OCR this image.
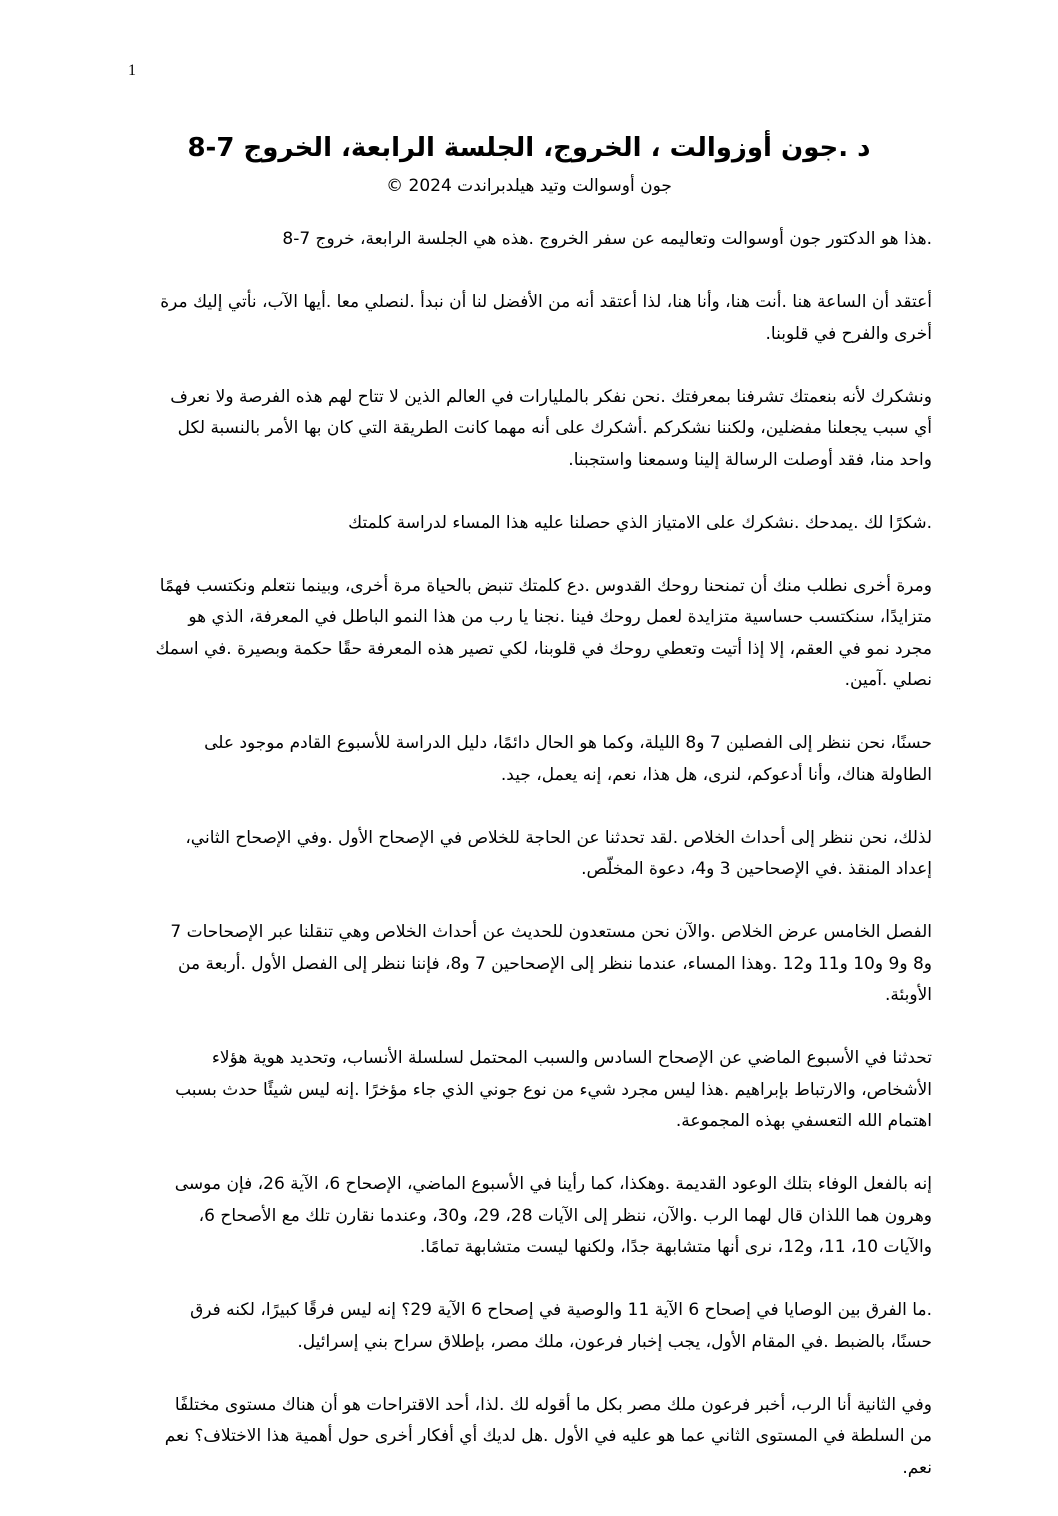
1
د .جون أوزوالت ، الخروج، الجلسة الرابعة، الخروج 7-8
جون أوسوالت وتيد هيلدبراندت 2024 ©

.هذا هو الدكتور جون أوسوالت وتعاليمه عن سفر الخروج .هذه هي الجلسة الرابعة، خروج 7-8

أعتقد أن الساعة هنا .أنت هنا، وأنا هنا، لذا أعتقد أنه من الأفضل لنا أن نبدأ .لنصلي معا .أيها الآب، نأتي إليك مرة أخرى والفرح في قلوبنا.

ونشكرك لأنه بنعمتك تشرفنا بمعرفتك .نحن نفكر بالمليارات في العالم الذين لا تتاح لهم هذه الفرصة ولا نعرف أي سبب يجعلنا مفضلين، ولكننا نشكركم .أشكرك على أنه مهما كانت الطريقة التي كان بها الأمر بالنسبة لكل واحد منا، فقد أوصلت الرسالة إلينا وسمعنا واستجبنا.

.شكرًا لك .يمدحك .نشكرك على الامتياز الذي حصلنا عليه هذا المساء لدراسة كلمتك

ومرة أخرى نطلب منك أن تمنحنا روحك القدوس .دع كلمتك تنبض بالحياة مرة أخرى، وبينما نتعلم ونكتسب فهمًا متزايدًا، سنكتسب حساسية متزايدة لعمل روحك فينا .نجنا يا رب من هذا النمو الباطل في المعرفة، الذي هو مجرد نمو في العقم، إلا إذا أتيت وتعطي روحك في قلوبنا، لكي تصير هذه المعرفة حقًا حكمة وبصيرة .في اسمك نصلي .آمين.

حسنًا، نحن ننظر إلى الفصلين 7 و8 الليلة، وكما هو الحال دائمًا، دليل الدراسة للأسبوع القادم موجود على الطاولة هناك، وأنا أدعوكم، لنرى، هل هذا، نعم، إنه يعمل، جيد.

لذلك، نحن ننظر إلى أحداث الخلاص .لقد تحدثنا عن الحاجة للخلاص في الإصحاح الأول .وفي الإصحاح الثاني، إعداد المنقذ .في الإصحاحين 3 و4، دعوة المخلّص.

الفصل الخامس عرض الخلاص .والآن نحن مستعدون للحديث عن أحداث الخلاص وهي تنقلنا عبر الإصحاحات 7 و8 و9 و10 و11 و12 .وهذا المساء، عندما ننظر إلى الإصحاحين 7 و8، فإننا ننظر إلى الفصل الأول .أربعة من الأوبئة.

تحدثنا في الأسبوع الماضي عن الإصحاح السادس والسبب المحتمل لسلسلة الأنساب، وتحديد هوية هؤلاء الأشخاص، والارتباط بإبراهيم .هذا ليس مجرد شيء من نوع جوني الذي جاء مؤخرًا .إنه ليس شيئًا حدث بسبب اهتمام الله التعسفي بهذه المجموعة.

إنه بالفعل الوفاء بتلك الوعود القديمة .وهكذا، كما رأينا في الأسبوع الماضي، الإصحاح 6، الآية 26، فإن موسى وهرون هما اللذان قال لهما الرب .والآن، ننظر إلى الآيات 28، 29، و30، وعندما نقارن تلك مع الأصحاح 6، والآيات 10، 11، و12، نرى أنها متشابهة جدًا، ولكنها ليست متشابهة تمامًا.

.ما الفرق بين الوصايا في إصحاح 6 الآية 11 والوصية في إصحاح 6 الآية 29؟ إنه ليس فرقًا كبيرًا، لكنه فرق حسنًا، بالضبط .في المقام الأول، يجب إخبار فرعون، ملك مصر، بإطلاق سراح بني إسرائيل.

وفي الثانية أنا الرب، أخبر فرعون ملك مصر بكل ما أقوله لك .لذا، أحد الاقتراحات هو أن هناك مستوى مختلفًا من السلطة في المستوى الثاني عما هو عليه في الأول .هل لديك أي أفكار أخرى حول أهمية هذا الاختلاف؟ نعم نعم.
